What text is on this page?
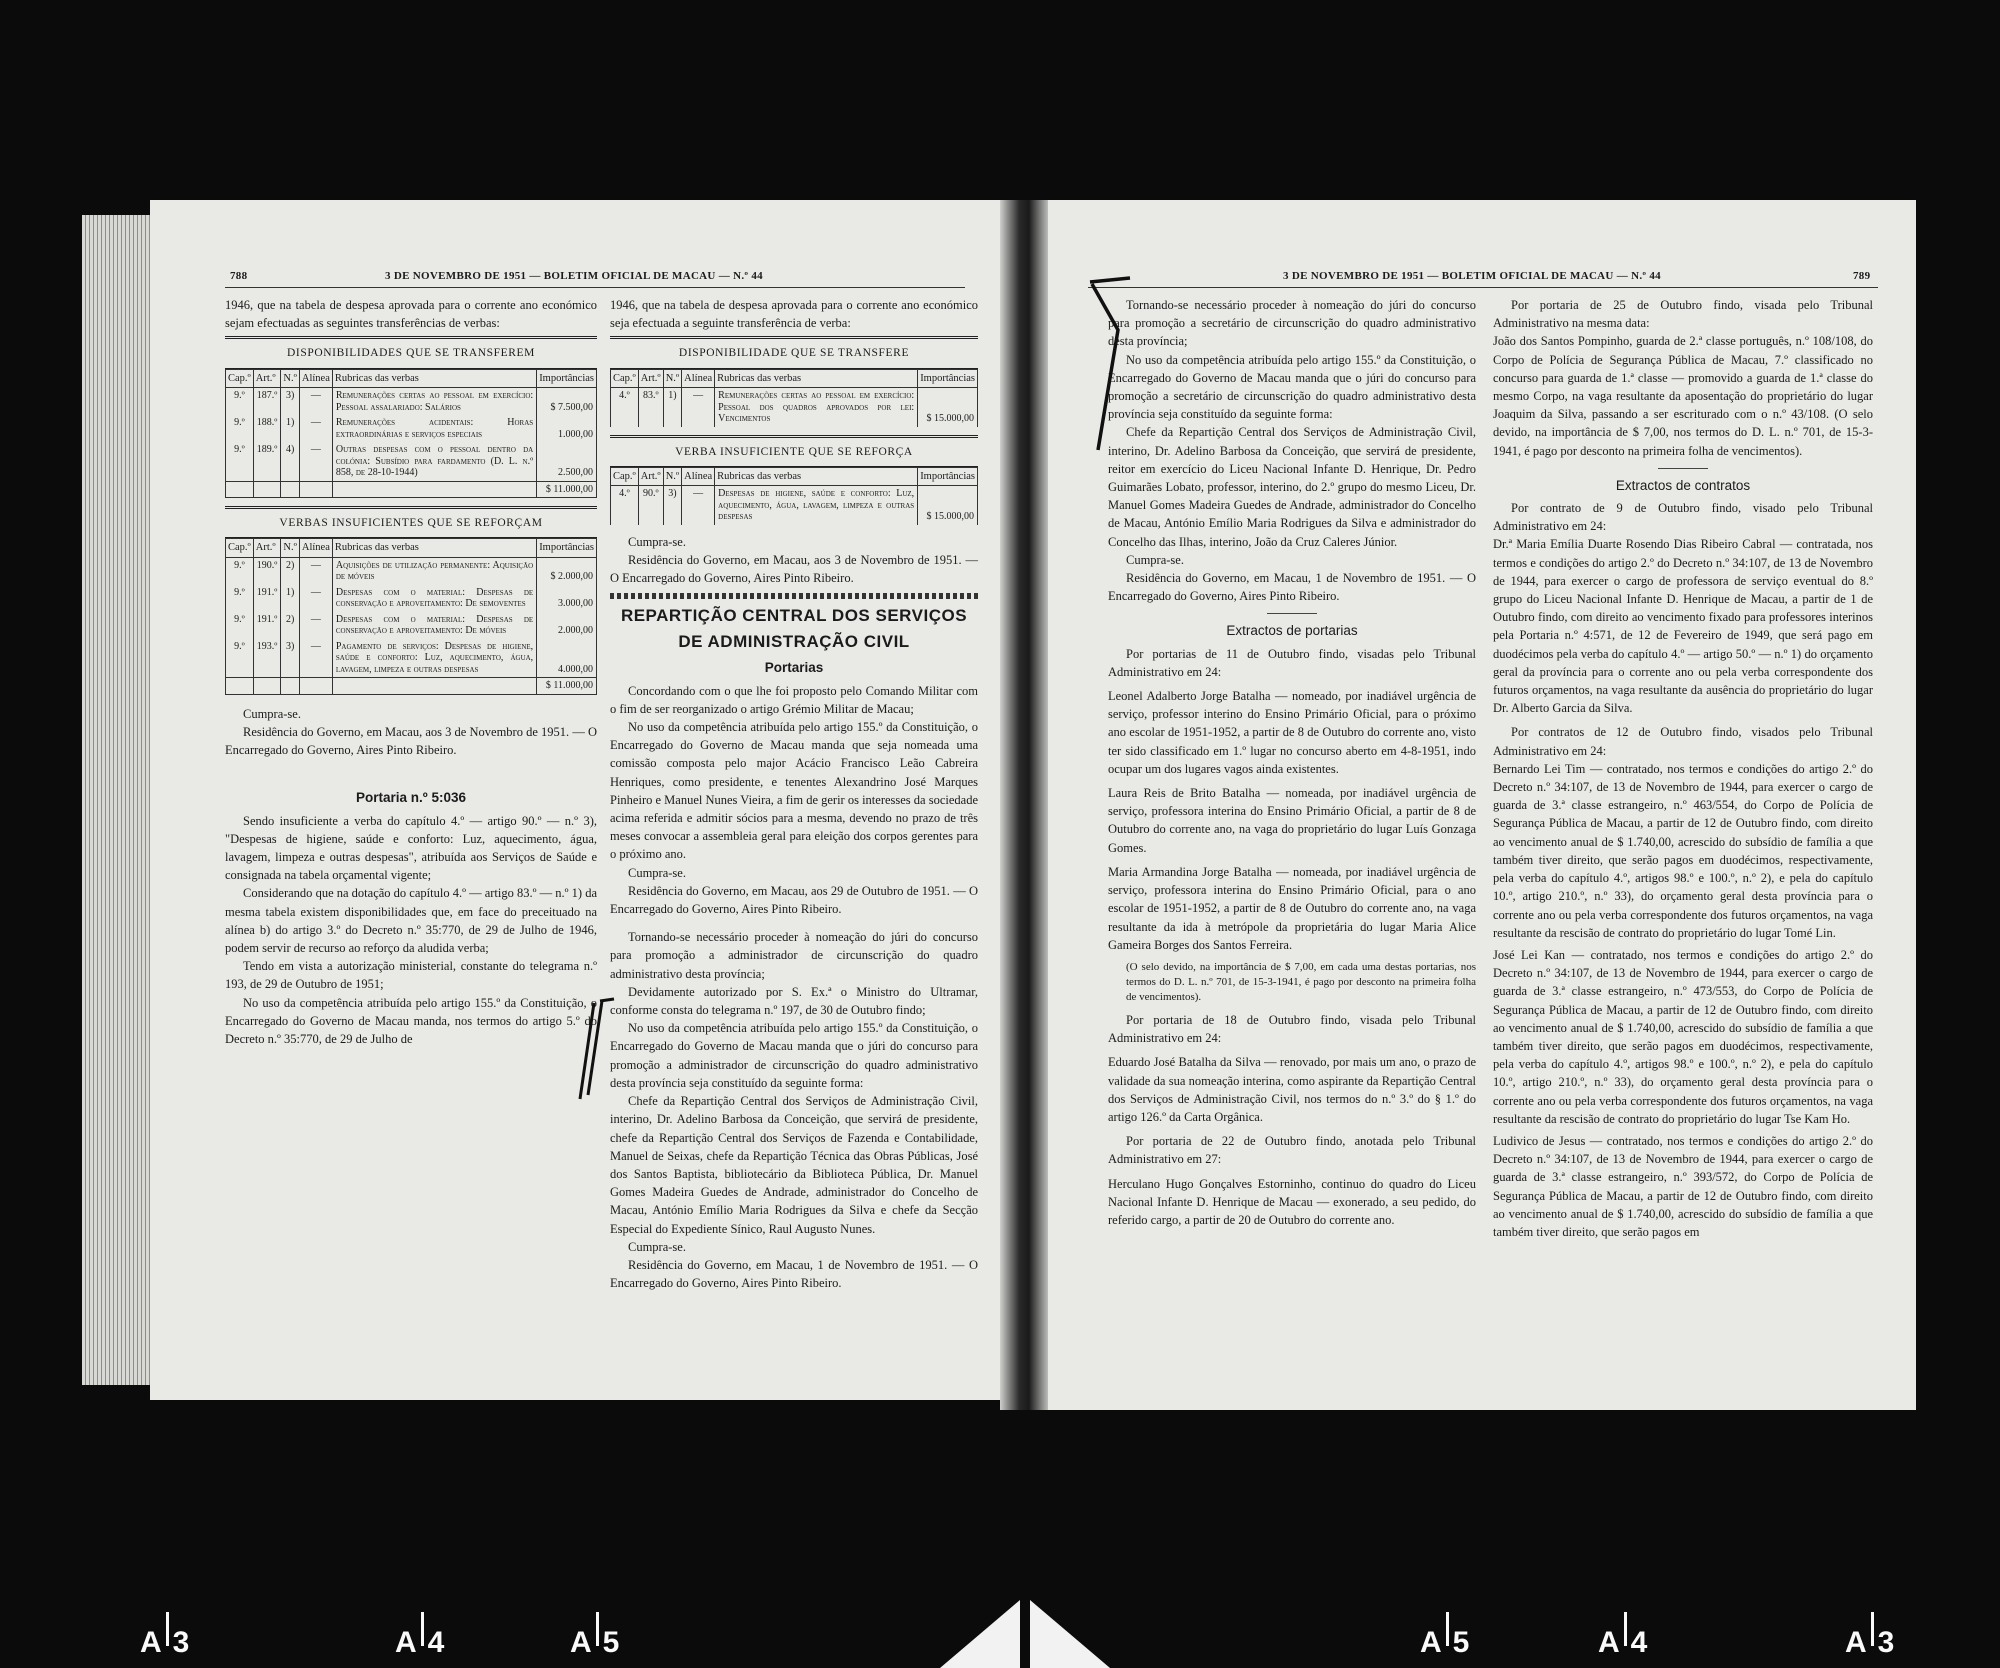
788	3 DE NOVEMBRO DE 1951 — BOLETIM OFICIAL DE MACAU — N.º 44

1946, que na tabela de despesa aprovada para o corrente ano económico sejam efectuadas as seguintes transferências de verbas:

DISPONIBILIDADES QUE SE TRANSFEREM
Cap.º	Art.º	N.º	Alínea	Rubricas das verbas	Importâncias
9.º	187.º	3)	—	Remunerações certas ao pessoal em exercício: Pessoal assalariado: Salários	$ 7.500,00
9.º	188.º	1)	—	Remunerações acidentais: Horas extraordinárias e serviços especiais	1.000,00
9.º	189.º	4)	—	Outras despesas com o pessoal dentro da colónia: Subsídio para fardamento (D. L. n.º 858, de 28-10-1944)	2.500,00
					$ 11.000,00
VERBAS INSUFICIENTES QUE SE REFORÇAM
Cap.º	Art.º	N.º	Alínea	Rubricas das verbas	Importâncias
9.º	190.º	2)	—	Aquisições de utilização permanente: Aquisição de móveis	$ 2.000,00
9.º	191.º	1)	—	Despesas com o material: Despesas de conservação e aproveitamento: De semoventes	3.000,00
9.º	191.º	2)	—	Despesas com o material: Despesas de conservação e aproveitamento: De móveis	2.000,00
9.º	193.º	3)	—	Pagamento de serviços: Despesas de higiene, saúde e conforto: Luz, aquecimento, água, lavagem, limpeza e outras despesas	4.000,00
					$ 11.000,00

Cumpra-se.

Residência do Governo, em Macau, aos 3 de Novembro de 1951. — O Encarregado do Governo, Aires Pinto Ribeiro.

Portaria n.º 5:036

Sendo insuficiente a verba do capítulo 4.º — artigo 90.º — n.º 3), "Despesas de higiene, saúde e conforto: Luz, aquecimento, água, lavagem, limpeza e outras despesas", atribuída aos Serviços de Saúde e consignada na tabela orçamental vigente;

Considerando que na dotação do capítulo 4.º — artigo 83.º — n.º 1) da mesma tabela existem disponibilidades que, em face do preceituado na alínea b) do artigo 3.º do Decreto n.º 35:770, de 29 de Julho de 1946, podem servir de recurso ao reforço da aludida verba;

Tendo em vista a autorização ministerial, constante do telegrama n.º 193, de 29 de Outubro de 1951;

No uso da competência atribuída pelo artigo 155.º da Constituição, o Encarregado do Governo de Macau manda, nos termos do artigo 5.º do Decreto n.º 35:770, de 29 de Julho de

1946, que na tabela de despesa aprovada para o corrente ano económico seja efectuada a seguinte transferência de verba:

DISPONIBILIDADE QUE SE TRANSFERE
Cap.º	Art.º	N.º	Alínea	Rubricas das verbas	Importâncias
4.º	83.º	1)	—	Remunerações certas ao pessoal em exercício: Pessoal dos quadros aprovados por lei: Vencimentos	$ 15.000,00
VERBA INSUFICIENTE QUE SE REFORÇA
Cap.º	Art.º	N.º	Alínea	Rubricas das verbas	Importâncias
4.º	90.º	3)	—	Despesas de higiene, saúde e conforto: Luz, aquecimento, água, lavagem, limpeza e outras despesas	$ 15.000,00

Cumpra-se.

Residência do Governo, em Macau, aos 3 de Novembro de 1951. — O Encarregado do Governo, Aires Pinto Ribeiro.

REPARTIÇÃO CENTRAL DOS SERVIÇOS
DE ADMINISTRAÇÃO CIVIL
Portarias

Concordando com o que lhe foi proposto pelo Comando Militar com o fim de ser reorganizado o artigo Grémio Militar de Macau;

No uso da competência atribuída pelo artigo 155.º da Constituição, o Encarregado do Governo de Macau manda que seja nomeada uma comissão composta pelo major Acácio Francisco Leão Cabreira Henriques, como presidente, e tenentes Alexandrino José Marques Pinheiro e Manuel Nunes Vieira, a fim de gerir os interesses da sociedade acima referida e admitir sócios para a mesma, devendo no prazo de três meses convocar a assembleia geral para eleição dos corpos gerentes para o próximo ano.

Cumpra-se.

Residência do Governo, em Macau, aos 29 de Outubro de 1951. — O Encarregado do Governo, Aires Pinto Ribeiro.

Tornando-se necessário proceder à nomeação do júri do concurso para promoção a administrador de circunscrição do quadro administrativo desta província;

Devidamente autorizado por S. Ex.ª o Ministro do Ultramar, conforme consta do telegrama n.º 197, de 30 de Outubro findo;

No uso da competência atribuída pelo artigo 155.º da Constituição, o Encarregado do Governo de Macau manda que o júri do concurso para promoção a administrador de circunscrição do quadro administrativo desta província seja constituído da seguinte forma:

Chefe da Repartição Central dos Serviços de Administração Civil, interino, Dr. Adelino Barbosa da Conceição, que servirá de presidente, chefe da Repartição Central dos Serviços de Fazenda e Contabilidade, Manuel de Seixas, chefe da Repartição Técnica das Obras Públicas, José dos Santos Baptista, bibliotecário da Biblioteca Pública, Dr. Manuel Gomes Madeira Guedes de Andrade, administrador do Concelho de Macau, António Emílio Maria Rodrigues da Silva e chefe da Secção Especial do Expediente Sínico, Raul Augusto Nunes.

Cumpra-se.

Residência do Governo, em Macau, 1 de Novembro de 1951. — O Encarregado do Governo, Aires Pinto Ribeiro.

3 DE NOVEMBRO DE 1951 — BOLETIM OFICIAL DE MACAU — N.º 44	789

Tornando-se necessário proceder à nomeação do júri do concurso para promoção a secretário de circunscrição do quadro administrativo desta província;

No uso da competência atribuída pelo artigo 155.º da Constituição, o Encarregado do Governo de Macau manda que o júri do concurso para promoção a secretário de circunscrição do quadro administrativo desta província seja constituído da seguinte forma:

Chefe da Repartição Central dos Serviços de Administração Civil, interino, Dr. Adelino Barbosa da Conceição, que servirá de presidente, reitor em exercício do Liceu Nacional Infante D. Henrique, Dr. Pedro Guimarães Lobato, professor, interino, do 2.º grupo do mesmo Liceu, Dr. Manuel Gomes Madeira Guedes de Andrade, administrador do Concelho de Macau, António Emílio Maria Rodrigues da Silva e administrador do Concelho das Ilhas, interino, João da Cruz Caleres Júnior.

Cumpra-se.

Residência do Governo, em Macau, 1 de Novembro de 1951. — O Encarregado do Governo, Aires Pinto Ribeiro.

Extractos de portarias

Por portarias de 11 de Outubro findo, visadas pelo Tribunal Administrativo em 24:

Leonel Adalberto Jorge Batalha — nomeado, por inadiável urgência de serviço, professor interino do Ensino Primário Oficial, para o próximo ano escolar de 1951-1952, a partir de 8 de Outubro do corrente ano, visto ter sido classificado em 1.º lugar no concurso aberto em 4-8-1951, indo ocupar um dos lugares vagos ainda existentes.

Laura Reis de Brito Batalha — nomeada, por inadiável urgência de serviço, professora interina do Ensino Primário Oficial, a partir de 8 de Outubro do corrente ano, na vaga do proprietário do lugar Luís Gonzaga Gomes.

Maria Armandina Jorge Batalha — nomeada, por inadiável urgência de serviço, professora interina do Ensino Primário Oficial, para o ano escolar de 1951-1952, a partir de 8 de Outubro do corrente ano, na vaga resultante da ida à metrópole da proprietária do lugar Maria Alice Gameira Borges dos Santos Ferreira.

(O selo devido, na importância de $ 7,00, em cada uma destas portarias, nos termos do D. L. n.º 701, de 15-3-1941, é pago por desconto na primeira folha de vencimentos).

Por portaria de 18 de Outubro findo, visada pelo Tribunal Administrativo em 24:

Eduardo José Batalha da Silva — renovado, por mais um ano, o prazo de validade da sua nomeação interina, como aspirante da Repartição Central dos Serviços de Administração Civil, nos termos do n.º 3.º do § 1.º do artigo 126.º da Carta Orgânica.

Por portaria de 22 de Outubro findo, anotada pelo Tribunal Administrativo em 27:

Herculano Hugo Gonçalves Estorninho, continuo do quadro do Liceu Nacional Infante D. Henrique de Macau — exonerado, a seu pedido, do referido cargo, a partir de 20 de Outubro do corrente ano.

Por portaria de 25 de Outubro findo, visada pelo Tribunal Administrativo na mesma data:

João dos Santos Pompinho, guarda de 2.ª classe português, n.º 108/108, do Corpo de Polícia de Segurança Pública de Macau, 7.º classificado no concurso para guarda de 1.ª classe — promovido a guarda de 1.ª classe do mesmo Corpo, na vaga resultante da aposentação do proprietário do lugar Joaquim da Silva, passando a ser escriturado com o n.º 43/108. (O selo devido, na importância de $ 7,00, nos termos do D. L. n.º 701, de 15-3-1941, é pago por desconto na primeira folha de vencimentos).

Extractos de contratos

Por contrato de 9 de Outubro findo, visado pelo Tribunal Administrativo em 24:

Dr.ª Maria Emília Duarte Rosendo Dias Ribeiro Cabral — contratada, nos termos e condições do artigo 2.º do Decreto n.º 34:107, de 13 de Novembro de 1944, para exercer o cargo de professora de serviço eventual do 8.º grupo do Liceu Nacional Infante D. Henrique de Macau, a partir de 1 de Outubro findo, com direito ao vencimento fixado para professores interinos pela Portaria n.º 4:571, de 12 de Fevereiro de 1949, que será pago em duodécimos pela verba do capítulo 4.º — artigo 50.º — n.º 1) do orçamento geral da província para o corrente ano ou pela verba correspondente dos futuros orçamentos, na vaga resultante da ausência do proprietário do lugar Dr. Alberto Garcia da Silva.

Por contratos de 12 de Outubro findo, visados pelo Tribunal Administrativo em 24:

Bernardo Lei Tim — contratado, nos termos e condições do artigo 2.º do Decreto n.º 34:107, de 13 de Novembro de 1944, para exercer o cargo de guarda de 3.ª classe estrangeiro, n.º 463/554, do Corpo de Polícia de Segurança Pública de Macau, a partir de 12 de Outubro findo, com direito ao vencimento anual de $ 1.740,00, acrescido do subsídio de família a que também tiver direito, que serão pagos em duodécimos, respectivamente, pela verba do capítulo 4.º, artigos 98.º e 100.º, n.º 2), e pela do capítulo 10.º, artigo 210.º, n.º 33), do orçamento geral desta província para o corrente ano ou pela verba correspondente dos futuros orçamentos, na vaga resultante da rescisão de contrato do proprietário do lugar Tomé Lin.

José Lei Kan — contratado, nos termos e condições do artigo 2.º do Decreto n.º 34:107, de 13 de Novembro de 1944, para exercer o cargo de guarda de 3.ª classe estrangeiro, n.º 473/553, do Corpo de Polícia de Segurança Pública de Macau, a partir de 12 de Outubro findo, com direito ao vencimento anual de $ 1.740,00, acrescido do subsídio de família a que também tiver direito, que serão pagos em duodécimos, respectivamente, pela verba do capítulo 4.º, artigos 98.º e 100.º, n.º 2), e pela do capítulo 10.º, artigo 210.º, n.º 33), do orçamento geral desta província para o corrente ano ou pela verba correspondente dos futuros orçamentos, na vaga resultante da rescisão de contrato do proprietário do lugar Tse Kam Ho.

Ludivico de Jesus — contratado, nos termos e condições do artigo 2.º do Decreto n.º 34:107, de 13 de Novembro de 1944, para exercer o cargo de guarda de 3.ª classe estrangeiro, n.º 393/572, do Corpo de Polícia de Segurança Pública de Macau, a partir de 12 de Outubro findo, com direito ao vencimento anual de $ 1.740,00, acrescido do subsídio de família a que também tiver direito, que serão pagos em

A 3	A 4	A 5	A 5	A 4	A 3
